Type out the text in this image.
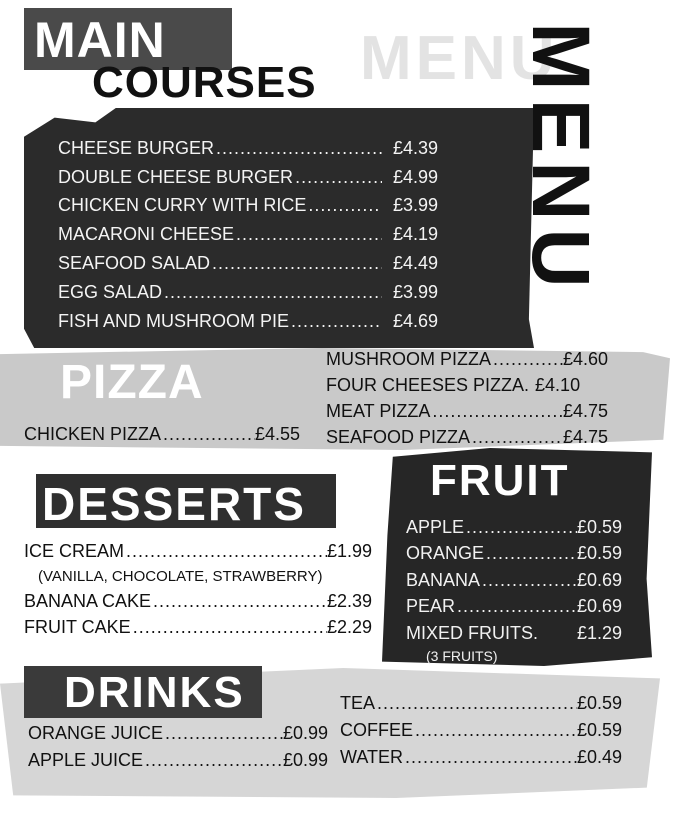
MENU
MAIN
COURSES
CHEESE BURGER .....	£4.39
DOUBLE CHEESE BURGER .....	£4.99
CHICKEN CURRY WITH RICE .....	£3.99
MACARONI CHEESE .....	£4.19
SEAFOOD SALAD .....	£4.49
EGG SALAD .....	£3.99
FISH AND MUSHROOM PIE .....	£4.69
MENU
PIZZA
CHICKEN PIZZA .....	£4.55
MUSHROOM PIZZA .....	£4.60
FOUR CHEESES PIZZA. £4.10
MEAT PIZZA .....	£4.75
SEAFOOD PIZZA .....	£4.75
DESSERTS
ICE CREAM .....	£1.99
(VANILLA, CHOCOLATE, STRAWBERRY)
BANANA CAKE .....	£2.39
FRUIT CAKE .....	£2.29
FRUIT
APPLE .....	£0.59
ORANGE .....	£0.59
BANANA .....	£0.69
PEAR .....	£0.69
MIXED FRUITS. £1.29
(3 FRUITS)
DRINKS
ORANGE JUICE .....	£0.99
APPLE JUICE .....	£0.99
TEA .....	£0.59
COFFEE .....	£0.59
WATER .....	£0.49
